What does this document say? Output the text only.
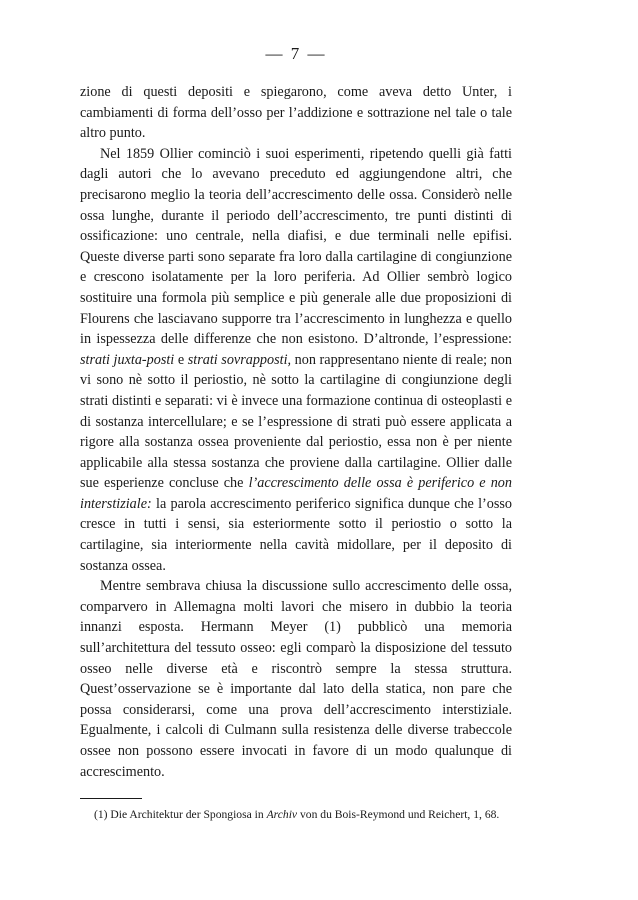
— 7 —

zione di questi depositi e spiegarono, come aveva detto Unter, i cambiamenti di forma dell’osso per l’addizione e sottrazione nel tale o tale altro punto.

Nel 1859 Ollier cominciò i suoi esperimenti, ripetendo quelli già fatti dagli autori che lo avevano preceduto ed aggiungendone altri, che precisarono meglio la teoria dell’accrescimento delle ossa. Considerò nelle ossa lunghe, durante il periodo dell’accrescimento, tre punti distinti di ossificazione: uno centrale, nella diafisi, e due terminali nelle epifisi. Queste diverse parti sono separate fra loro dalla cartilagine di congiunzione e crescono isolatamente per la loro periferia. Ad Ollier sembrò logico sostituire una formola più semplice e più generale alle due proposizioni di Flourens che lasciavano supporre tra l’accrescimento in lunghezza e quello in ispessezza delle differenze che non esistono. D’altronde, l’espressione: strati juxta-posti e strati sovrapposti, non rappresentano niente di reale; non vi sono nè sotto il periostio, nè sotto la cartilagine di congiunzione degli strati distinti e separati: vi è invece una formazione continua di osteoplasti e di sostanza intercellulare; e se l’espressione di strati può essere applicata a rigore alla sostanza ossea proveniente dal periostio, essa non è per niente applicabile alla stessa sostanza che proviene dalla cartilagine. Ollier dalle sue esperienze concluse che l’accrescimento delle ossa è periferico e non interstiziale: la parola accrescimento periferico significa dunque che l’osso cresce in tutti i sensi, sia esteriormente sotto il periostio o sotto la cartilagine, sia interiormente nella cavità midollare, per il deposito di sostanza ossea.

Mentre sembrava chiusa la discussione sullo accrescimento delle ossa, comparvero in Allemagna molti lavori che misero in dubbio la teoria innanzi esposta. Hermann Meyer (1) pubblicò una memoria sull’architettura del tessuto osseo: egli comparò la disposizione del tessuto osseo nelle diverse età e riscontrò sempre la stessa struttura. Quest’osservazione se è importante dal lato della statica, non pare che possa considerarsi, come una prova dell’accrescimento interstiziale. Egualmente, i calcoli di Culmann sulla resistenza delle diverse trabeccole ossee non possono essere invocati in favore di un modo qualunque di accrescimento.

(1) Die Architektur der Spongiosa in Archiv von du Bois-Reymond und Reichert, 1, 68.
